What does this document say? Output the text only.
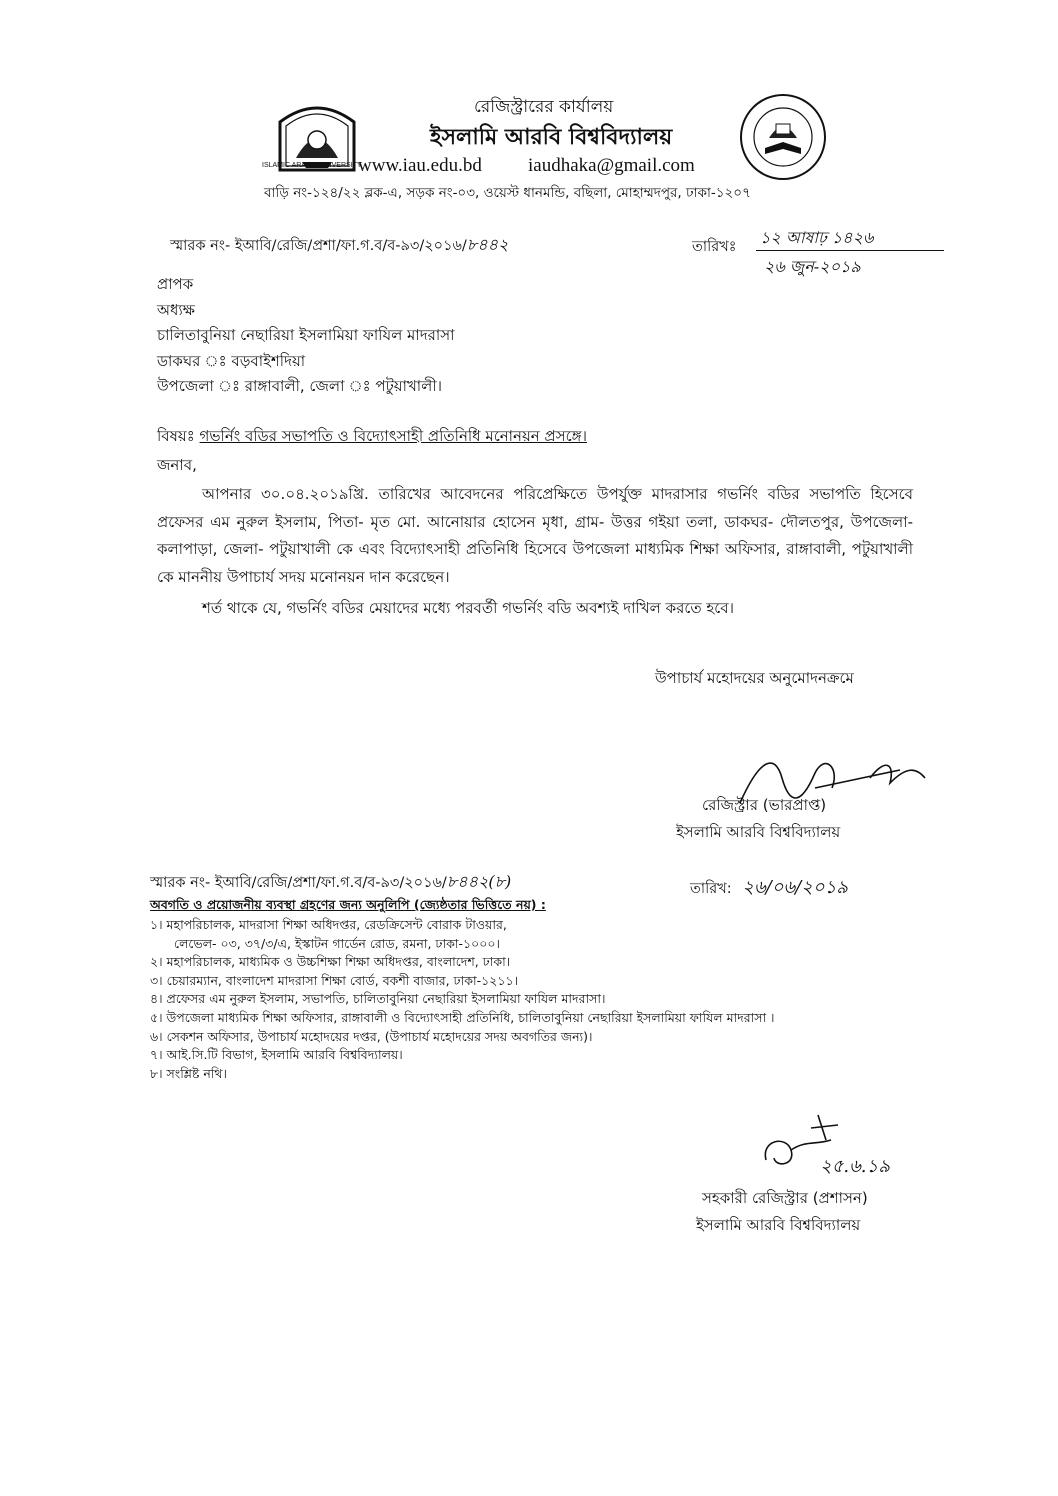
ISLAMIC ARABIC UNIVERSITY
রেজিস্ট্রারের কার্যালয়
ইসলামি আরবি বিশ্ববিদ্যালয়
www.iau.edu.bd iaudhaka@gmail.com
বাড়ি নং-১২৪/২২ ব্লক-এ, সড়ক নং-০৩, ওয়েস্ট ধানমন্ডি, বছিলা, মোহাম্মদপুর, ঢাকা-১২০৭
স্মারক নং- ইআবি/রেজি/প্রশা/ফা.গ.ব/ব-৯৩/২০১৬/৮৪৪২	তারিখঃ ১২ আষাঢ় ১৪২৬
২৬ জুন-২০১৯
প্রাপক
অধ্যক্ষ
চালিতাবুনিয়া নেছারিয়া ইসলামিয়া ফাযিল মাদরাসা
ডাকঘর ঃ বড়বাইশদিয়া
উপজেলা ঃ রাঙ্গাবালী, জেলা ঃ পটুয়াখালী।
বিষয়ঃ গভর্নিং বডির সভাপতি ও বিদ্যোৎসাহী প্রতিনিধি মনোনয়ন প্রসঙ্গে।
জনাব,
আপনার ৩০.০৪.২০১৯খ্রি. তারিখের আবেদনের পরিপ্রেক্ষিতে উপর্যুক্ত মাদরাসার গভর্নিং বডির সভাপতি হিসেবে প্রফেসর এম নুরুল ইসলাম, পিতা- মৃত মো. আনোয়ার হোসেন মৃধা, গ্রাম- উত্তর গইয়া তলা, ডাকঘর- দৌলতপুর, উপজেলা- কলাপাড়া, জেলা- পটুয়াখালী কে এবং বিদ্যোৎসাহী প্রতিনিধি হিসেবে উপজেলা মাধ্যমিক শিক্ষা অফিসার, রাঙ্গাবালী, পটুয়াখালী কে মাননীয় উপাচার্য সদয় মনোনয়ন দান করেছেন।
শর্ত থাকে যে, গভর্নিং বডির মেয়াদের মধ্যে পরবর্তী গভর্নিং বডি অবশ্যই দাখিল করতে হবে।
উপাচার্য মহোদয়ের অনুমোদনক্রমে
রেজিস্ট্রার (ভারপ্রাপ্ত)
ইসলামি আরবি বিশ্ববিদ্যালয়
স্মারক নং- ইআবি/রেজি/প্রশা/ফা.গ.ব/ব-৯৩/২০১৬/৮৪৪২(৮)	তারিখ: ২৬/০৬/২০১৯
অবগতি ও প্রয়োজনীয় ব্যবস্থা গ্রহণের জন্য অনুলিপি (জ্যেষ্ঠতার ভিত্তিতে নয়) :
১। মহাপরিচালক, মাদরাসা শিক্ষা অধিদপ্তর, রেডক্রিসেন্ট বোরাক টাওয়ার,
লেভেল- ০৩, ৩৭/৩/এ, ইস্কাটন গার্ডেন রোড, রমনা, ঢাকা-১০০০।
২। মহাপরিচালক, মাধ্যমিক ও উচ্চশিক্ষা শিক্ষা অধিদপ্তর, বাংলাদেশ, ঢাকা।
৩। চেয়ারম্যান, বাংলাদেশ মাদরাসা শিক্ষা বোর্ড, বকশী বাজার, ঢাকা-১২১১।
৪। প্রফেসর এম নুরুল ইসলাম, সভাপতি, চালিতাবুনিয়া নেছারিয়া ইসলামিয়া ফাযিল মাদরাসা।
৫। উপজেলা মাধ্যমিক শিক্ষা অফিসার, রাঙ্গাবালী ও বিদ্যোৎসাহী প্রতিনিধি, চালিতাবুনিয়া নেছারিয়া ইসলামিয়া ফাযিল মাদরাসা ।
৬। সেকশন অফিসার, উপাচার্য মহোদয়ের দপ্তর, (উপাচার্য মহোদয়ের সদয় অবগতির জন্য)।
৭। আই.সি.টি বিভাগ, ইসলামি আরবি বিশ্ববিদ্যালয়।
৮। সংশ্লিষ্ট নথি।
২৫.৬.১৯
সহকারী রেজিস্ট্রার (প্রশাসন)
ইসলামি আরবি বিশ্ববিদ্যালয়
